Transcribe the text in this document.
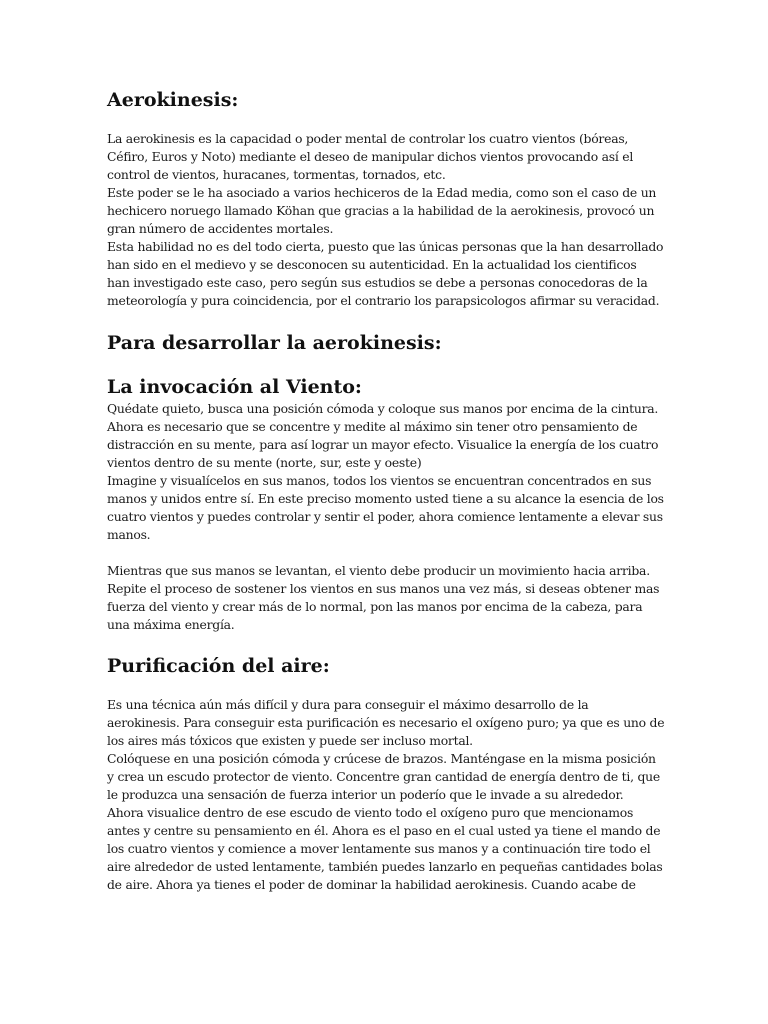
Aerokinesis:
La aerokinesis es la capacidad o poder mental de controlar los cuatro vientos (bóreas,
Céfiro, Euros y Noto) mediante el deseo de manipular dichos vientos provocando así el
control de vientos, huracanes, tormentas, tornados, etc.
Este poder se le ha asociado a varios hechiceros de la Edad media, como son el caso de un
hechicero noruego llamado Köhan que gracias a la habilidad de la aerokinesis, provocó un
gran número de accidentes mortales.
Esta habilidad no es del todo cierta, puesto que las únicas personas que la han desarrollado
han sido en el medievo y se desconocen su autenticidad. En la actualidad los cientificos
han investigado este caso, pero según sus estudios se debe a personas conocedoras de la
meteorología y pura coincidencia, por el contrario los parapsicologos afirmar su veracidad.
Para desarrollar la aerokinesis:
La invocación al Viento:
Quédate quieto, busca una posición cómoda y coloque sus manos por encima de la cintura.
Ahora es necesario que se concentre y medite al máximo sin tener otro pensamiento de
distracción en su mente, para así lograr un mayor efecto. Visualice la energía de los cuatro
vientos dentro de su mente (norte, sur, este y oeste)
Imagine y visualícelos en sus manos, todos los vientos se encuentran concentrados en sus
manos y unidos entre sí. En este preciso momento usted tiene a su alcance la esencia de los
cuatro vientos y puedes controlar y sentir el poder, ahora comience lentamente a elevar sus
manos.
Mientras que sus manos se levantan, el viento debe producir un movimiento hacia arriba.
Repite el proceso de sostener los vientos en sus manos una vez más, si deseas obtener mas
fuerza del viento y crear más de lo normal, pon las manos por encima de la cabeza, para
una máxima energía.
Purificación del aire:
Es una técnica aún más difícil y dura para conseguir el máximo desarrollo de la
aerokinesis. Para conseguir esta purificación es necesario el oxígeno puro; ya que es uno de
los aires más tóxicos que existen y puede ser incluso mortal.
Colóquese en una posición cómoda y crúcese de brazos. Manténgase en la misma posición
y crea un escudo protector de viento. Concentre gran cantidad de energía dentro de ti, que
le produzca una sensación de fuerza interior un poderío que le invade a su alrededor.
Ahora visualice dentro de ese escudo de viento todo el oxígeno puro que mencionamos
antes y centre su pensamiento en él. Ahora es el paso en el cual usted ya tiene el mando de
los cuatro vientos y comience a mover lentamente sus manos y a continuación tire todo el
aire alrededor de usted lentamente, también puedes lanzarlo en pequeñas cantidades bolas
de aire. Ahora ya tienes el poder de dominar la habilidad aerokinesis. Cuando acabe de
